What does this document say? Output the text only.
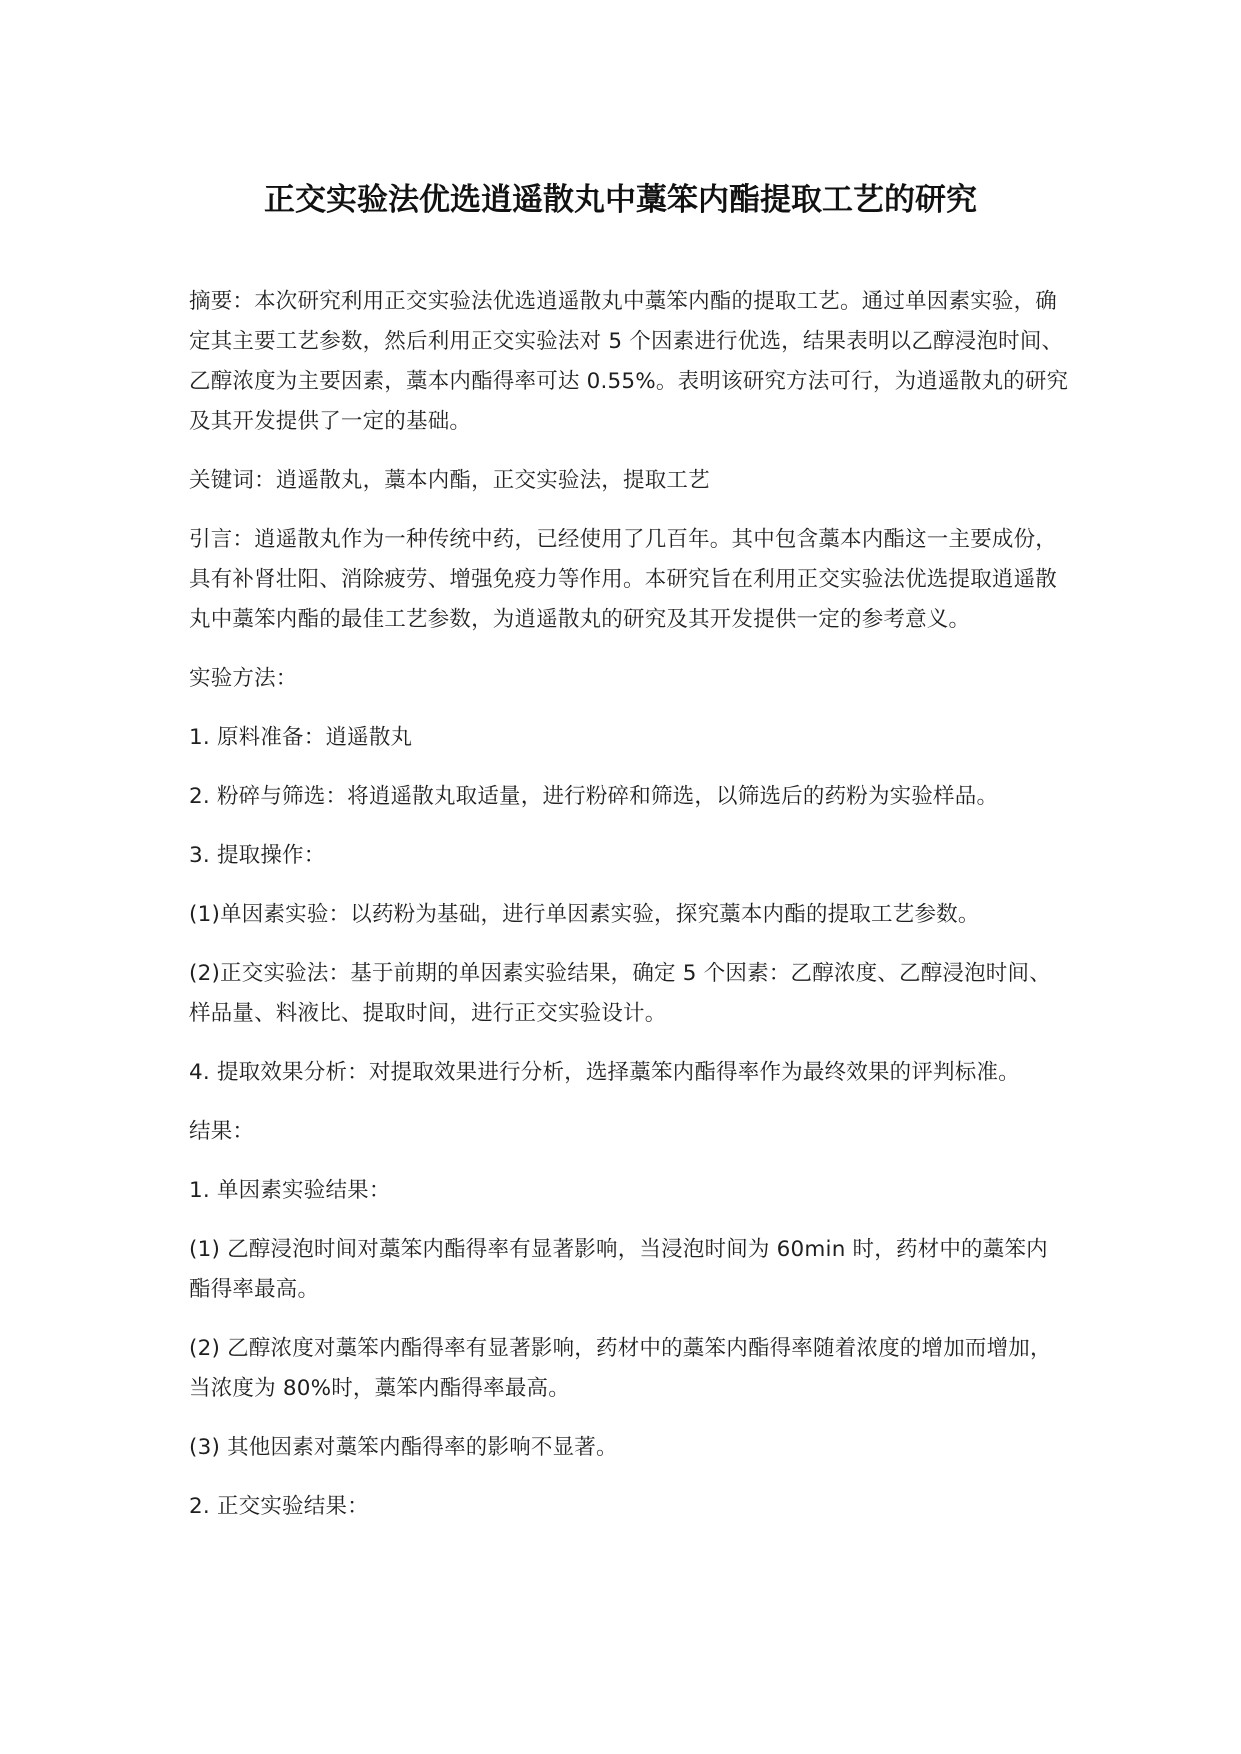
正交实验法优选逍遥散丸中藁笨内酯提取工艺的研究

摘要：本次研究利用正交实验法优选逍遥散丸中藁笨内酯的提取工艺。通过单因素实验，确定其主要工艺参数，然后利用正交实验法对 5 个因素进行优选，结果表明以乙醇浸泡时间、乙醇浓度为主要因素，藁本内酯得率可达 0.55%。表明该研究方法可行，为逍遥散丸的研究及其开发提供了一定的基础。

关键词：逍遥散丸，藁本内酯，正交实验法，提取工艺

引言：逍遥散丸作为一种传统中药，已经使用了几百年。其中包含藁本内酯这一主要成份，具有补肾壮阳、消除疲劳、增强免疫力等作用。本研究旨在利用正交实验法优选提取逍遥散丸中藁笨内酯的最佳工艺参数，为逍遥散丸的研究及其开发提供一定的参考意义。

实验方法：

1. 原料准备：逍遥散丸

2. 粉碎与筛选：将逍遥散丸取适量，进行粉碎和筛选，以筛选后的药粉为实验样品。

3. 提取操作：

(1)单因素实验：以药粉为基础，进行单因素实验，探究藁本内酯的提取工艺参数。

(2)正交实验法：基于前期的单因素实验结果，确定 5 个因素：乙醇浓度、乙醇浸泡时间、样品量、料液比、提取时间，进行正交实验设计。

4. 提取效果分析：对提取效果进行分析，选择藁笨内酯得率作为最终效果的评判标准。

结果：

1. 单因素实验结果：

(1) 乙醇浸泡时间对藁笨内酯得率有显著影响，当浸泡时间为 60min 时，药材中的藁笨内酯得率最高。

(2) 乙醇浓度对藁笨内酯得率有显著影响，药材中的藁笨内酯得率随着浓度的增加而增加，当浓度为 80%时，藁笨内酯得率最高。

(3) 其他因素对藁笨内酯得率的影响不显著。

2. 正交实验结果：
